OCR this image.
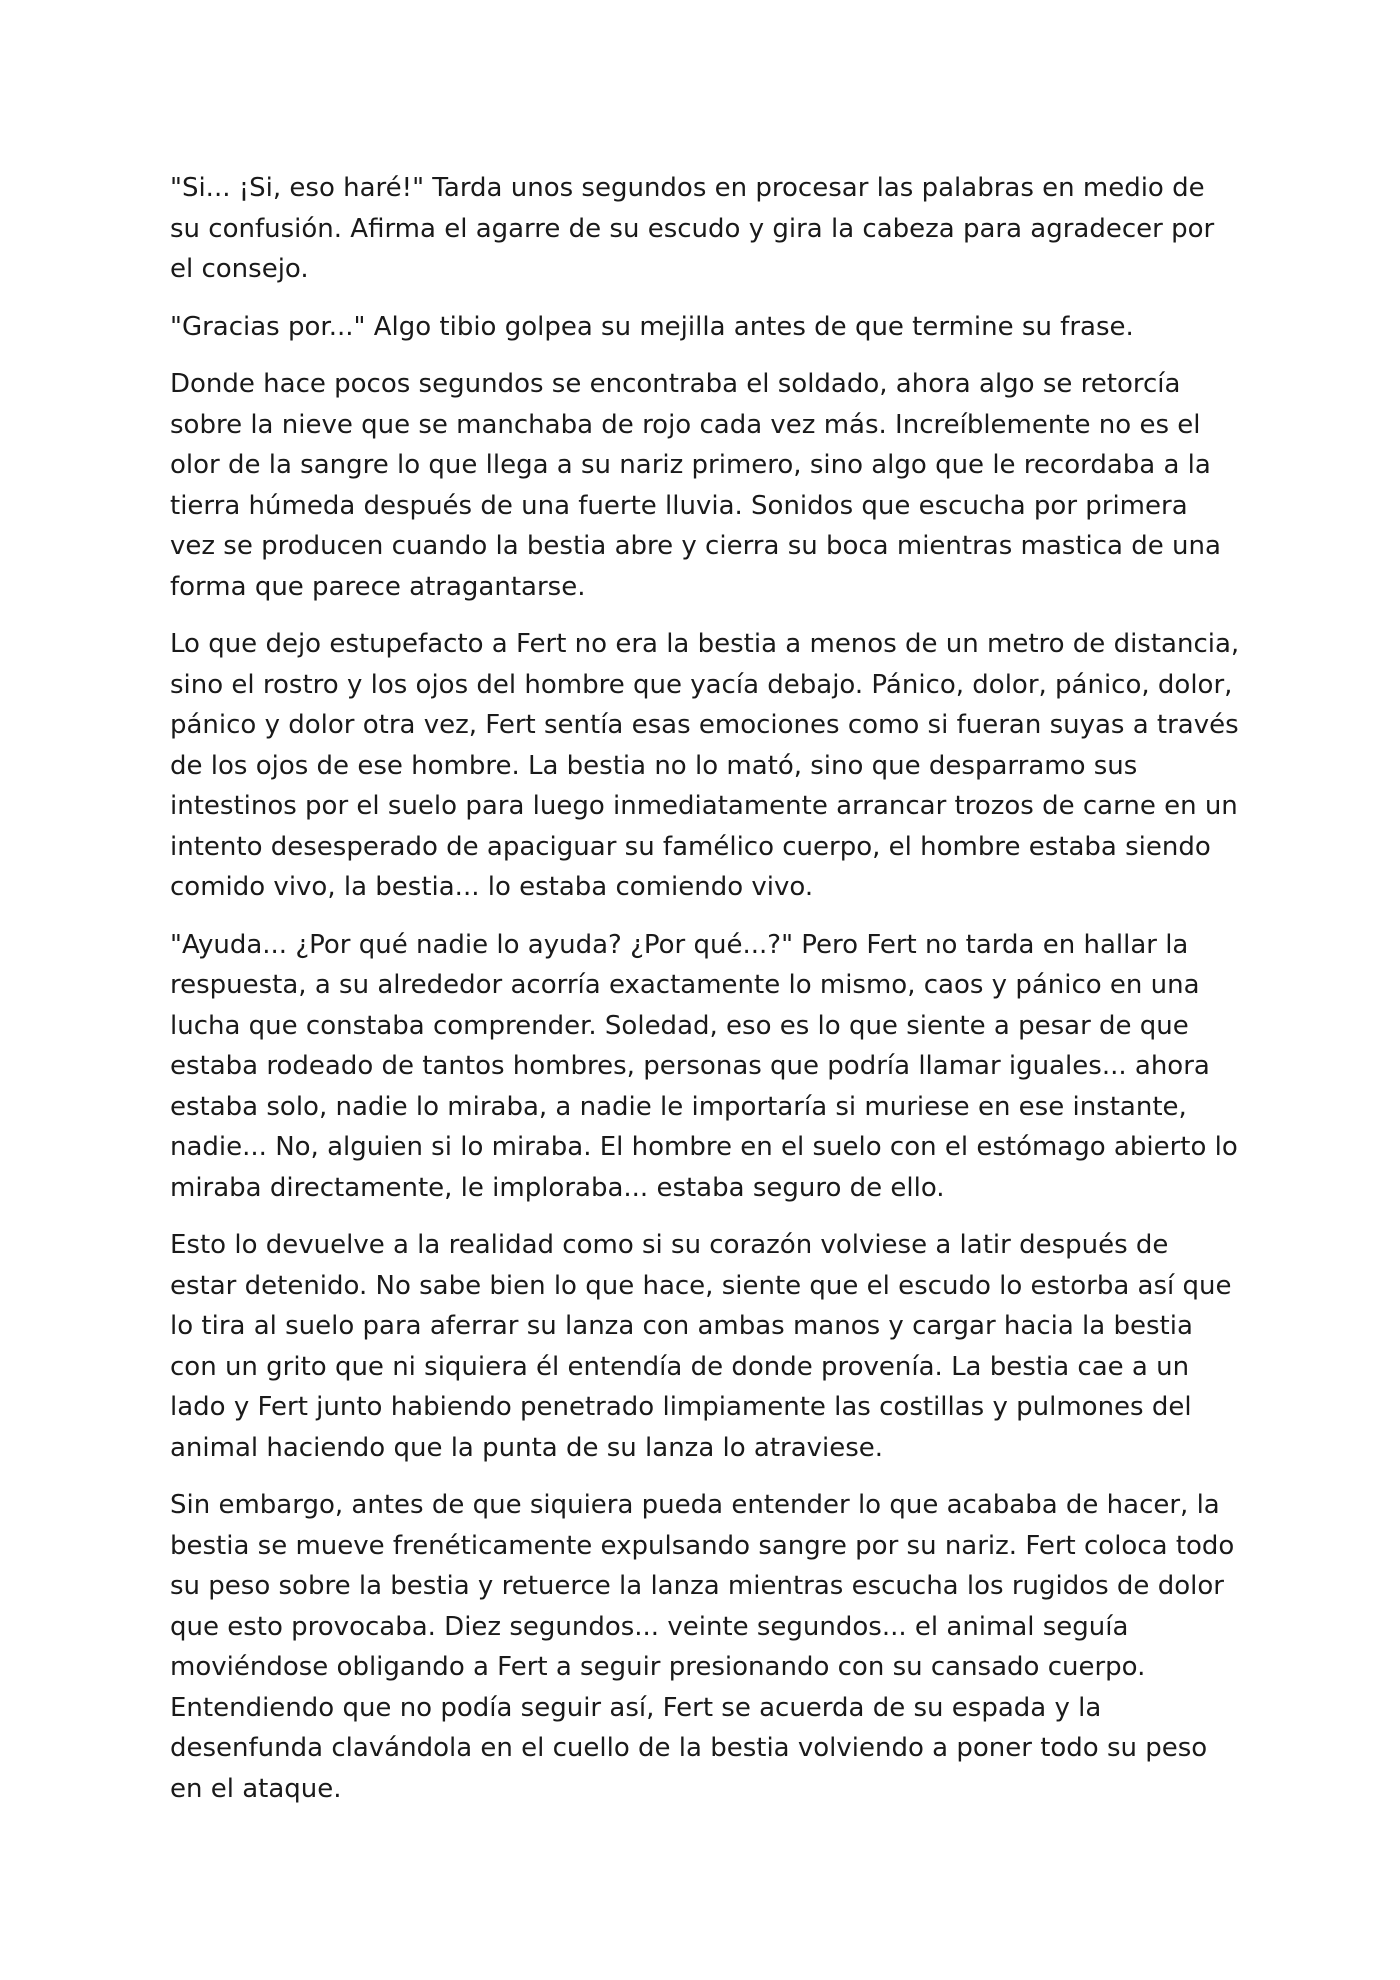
"Si... ¡Si, eso haré!" Tarda unos segundos en procesar las palabras en medio de su confusión. Afirma el agarre de su escudo y gira la cabeza para agradecer por el consejo.

"Gracias por..." Algo tibio golpea su mejilla antes de que termine su frase.

Donde hace pocos segundos se encontraba el soldado, ahora algo se retorcía sobre la nieve que se manchaba de rojo cada vez más. Increíblemente no es el olor de la sangre lo que llega a su nariz primero, sino algo que le recordaba a la tierra húmeda después de una fuerte lluvia. Sonidos que escucha por primera vez se producen cuando la bestia abre y cierra su boca mientras mastica de una forma que parece atragantarse.

Lo que dejo estupefacto a Fert no era la bestia a menos de un metro de distancia, sino el rostro y los ojos del hombre que yacía debajo. Pánico, dolor, pánico, dolor, pánico y dolor otra vez, Fert sentía esas emociones como si fueran suyas a través de los ojos de ese hombre. La bestia no lo mató, sino que desparramo sus intestinos por el suelo para luego inmediatamente arrancar trozos de carne en un intento desesperado de apaciguar su famélico cuerpo, el hombre estaba siendo comido vivo, la bestia... lo estaba comiendo vivo.

"Ayuda... ¿Por qué nadie lo ayuda? ¿Por qué...?" Pero Fert no tarda en hallar la respuesta, a su alrededor acorría exactamente lo mismo, caos y pánico en una lucha que constaba comprender. Soledad, eso es lo que siente a pesar de que estaba rodeado de tantos hombres, personas que podría llamar iguales... ahora estaba solo, nadie lo miraba, a nadie le importaría si muriese en ese instante, nadie... No, alguien si lo miraba. El hombre en el suelo con el estómago abierto lo miraba directamente, le imploraba... estaba seguro de ello.

Esto lo devuelve a la realidad como si su corazón volviese a latir después de estar detenido. No sabe bien lo que hace, siente que el escudo lo estorba así que lo tira al suelo para aferrar su lanza con ambas manos y cargar hacia la bestia con un grito que ni siquiera él entendía de donde provenía. La bestia cae a un lado y Fert junto habiendo penetrado limpiamente las costillas y pulmones del animal haciendo que la punta de su lanza lo atraviese.

Sin embargo, antes de que siquiera pueda entender lo que acababa de hacer, la bestia se mueve frenéticamente expulsando sangre por su nariz. Fert coloca todo su peso sobre la bestia y retuerce la lanza mientras escucha los rugidos de dolor que esto provocaba. Diez segundos... veinte segundos... el animal seguía moviéndose obligando a Fert a seguir presionando con su cansado cuerpo. Entendiendo que no podía seguir así, Fert se acuerda de su espada y la desenfunda clavándola en el cuello de la bestia volviendo a poner todo su peso en el ataque.
